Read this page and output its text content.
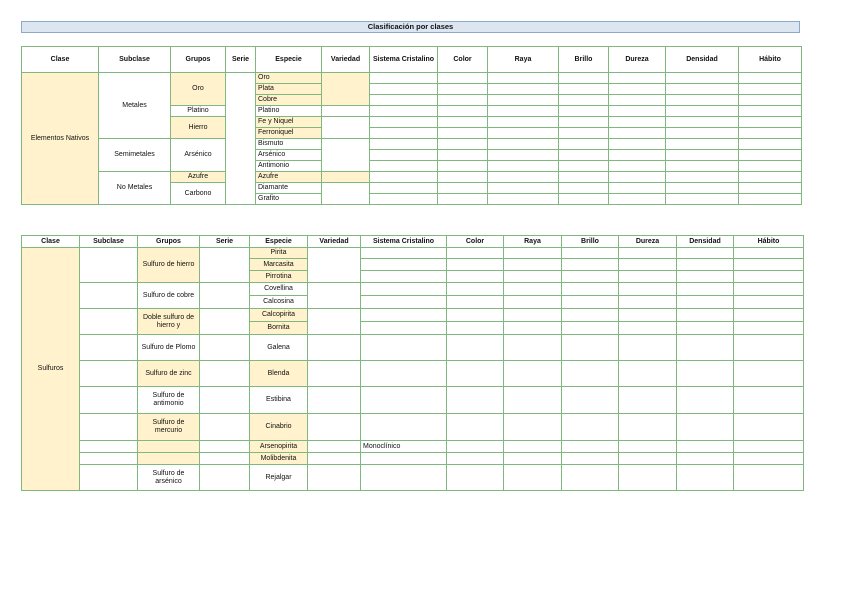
Clasificación por clases
Clase	Subclase	Grupos	Serie	Especie	Variedad	Sistema Cristalino	Color	Raya	Brillo	Dureza	Densidad	Hábito
Elementos Nativos	Metales	Oro		Oro								
				Plata								
				Cobre								
		Platino		Platino								
		Hierro		Fe y Niquel								
				Ferroniquel								
	Semimetales	Arsénico		Bismuto								
				Arsénico								
				Antimonio								
	No Metales	Azufre		Azufre								
		Carbono		Diamante								
				Grafito								
Clase	Subclase	Grupos	Serie	Especie	Variedad	Sistema Cristalino	Color	Raya	Brillo	Dureza	Densidad	Hábito
Sulfuros		Sulfuro de hierro		Pirita								
				Marcasita								
				Pirrotina								
		Sulfuro de cobre		Covellina								
				Calcosina								
		Doble sulfuro de hierro y		Calcopirita								
				Bornita								
		Sulfuro de Plomo		Galena								
		Sulfuro de zinc		Blenda								
		Sulfuro de antimonio		Estibina								
		Sulfuro de mercurio		Cinabrio								
				Arsenopirita		Monoclínico						
				Molibdenita								
		Sulfuro de arsénico		Rejalgar								
